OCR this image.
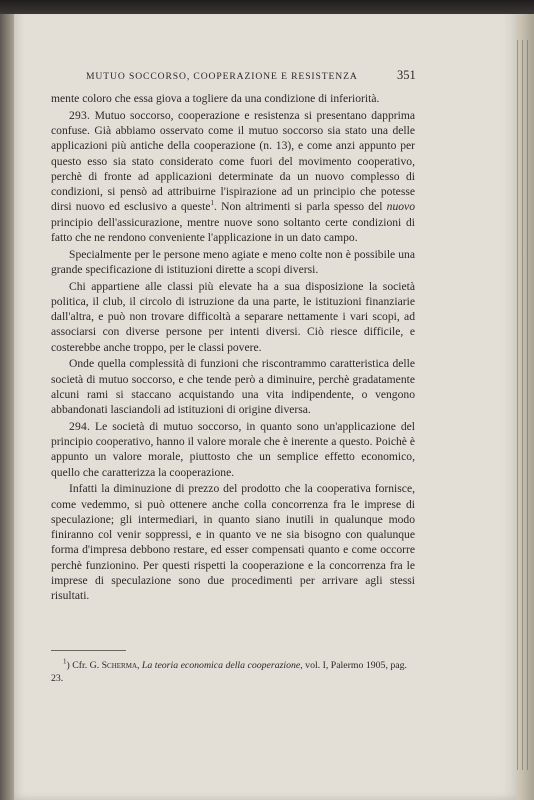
MUTUO SOCCORSO, COOPERAZIONE E RESISTENZA	351

mente coloro che essa giova a togliere da una condizione di inferiorità.

293. Mutuo soccorso, cooperazione e resistenza si presentano dapprima confuse. Già abbiamo osservato come il mutuo soccorso sia stato una delle applicazioni più antiche della cooperazione (n. 13), e come anzi appunto per questo esso sia stato considerato come fuori del movimento cooperativo, perchè di fronte ad applicazioni determinate da un nuovo complesso di condizioni, si pensò ad attribuirne l'ispirazione ad un principio che potesse dirsi nuovo ed esclusivo a queste$^1$. Non altrimenti si parla spesso del nuovo principio dell'assicurazione, mentre nuove sono soltanto certe condizioni di fatto che ne rendono conveniente l'applicazione in un dato campo.

Specialmente per le persone meno agiate e meno colte non è possibile una grande specificazione di istituzioni dirette a scopi diversi.

Chi appartiene alle classi più elevate ha a sua disposizione la società politica, il club, il circolo di istruzione da una parte, le istituzioni finanziarie dall'altra, e può non trovare difficoltà a separare nettamente i vari scopi, ad associarsi con diverse persone per intenti diversi. Ciò riesce difficile, e costerebbe anche troppo, per le classi povere.

Onde quella complessità di funzioni che riscontrammo caratteristica delle società di mutuo soccorso, e che tende però a diminuire, perchè gradatamente alcuni rami si staccano acquistando una vita indipendente, o vengono abbandonati lasciandoli ad istituzioni di origine diversa.

294. Le società di mutuo soccorso, in quanto sono un'applicazione del principio cooperativo, hanno il valore morale che è inerente a questo. Poichè è appunto un valore morale, piuttosto che un semplice effetto economico, quello che caratterizza la cooperazione.

Infatti la diminuzione di prezzo del prodotto che la cooperativa fornisce, come vedemmo, si può ottenere anche colla concorrenza fra le imprese di speculazione; gli intermediari, in quanto siano inutili in qualunque modo finiranno col venir soppressi, e in quanto ve ne sia bisogno con qualunque forma d'impresa debbono restare, ed esser compensati quanto e come occorre perchè funzionino. Per questi rispetti la cooperazione e la concorrenza fra le imprese di speculazione sono due procedimenti per arrivare agli stessi risultati.

$^1$) Cfr. G. Scherma, La teoria economica della cooperazione, vol. I, Palermo 1905, pag. 23.
